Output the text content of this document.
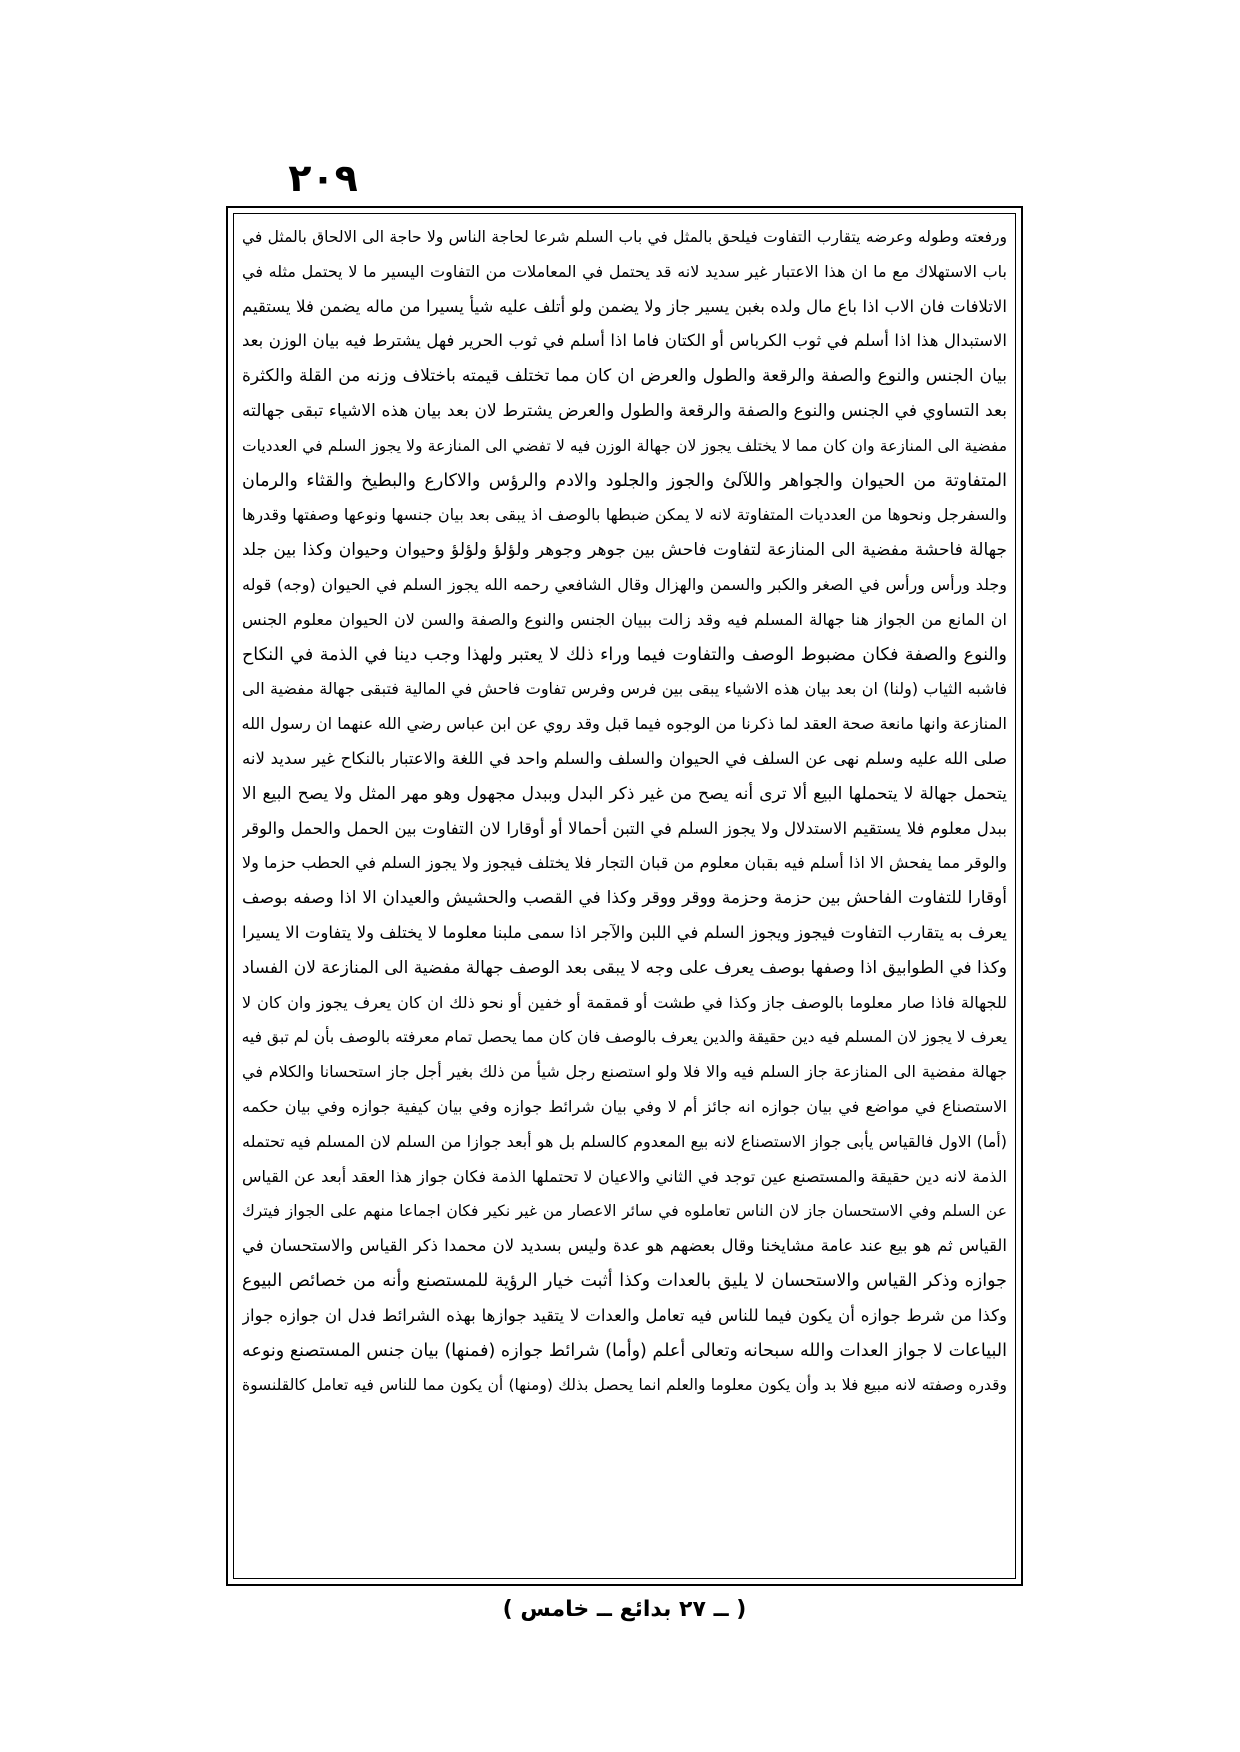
٢٠٩
ورفعته وطوله وعرضه يتقارب التفاوت فيلحق بالمثل في باب السلم شرعا لحاجة الناس ولا حاجة الى الالحاق بالمثل في
باب الاستهلاك مع ما ان هذا الاعتبار غير سديد لانه قد يحتمل في المعاملات من التفاوت اليسير ما لا يحتمل مثله في
الاتلافات فان الاب اذا باع مال ولده بغبن يسير جاز ولا يضمن ولو أتلف عليه شيأ يسيرا من ماله يضمن فلا يستقيم
الاستبدال هذا اذا أسلم في ثوب الكرباس أو الكتان فاما اذا أسلم في ثوب الحرير فهل يشترط فيه بيان الوزن بعد
بيان الجنس والنوع والصفة والرقعة والطول والعرض ان كان مما تختلف قيمته باختلاف وزنه من القلة والكثرة
بعد التساوي في الجنس والنوع والصفة والرقعة والطول والعرض يشترط لان بعد بيان هذه الاشياء تبقى جهالته
مفضية الى المنازعة وان كان مما لا يختلف يجوز لان جهالة الوزن فيه لا تفضي الى المنازعة ولا يجوز السلم في العدديات
المتفاوتة من الحيوان والجواهر واللآلئ والجوز والجلود والادم والرؤس والاكارع والبطيخ والقثاء والرمان
والسفرجل ونحوها من العدديات المتفاوتة لانه لا يمكن ضبطها بالوصف اذ يبقى بعد بيان جنسها ونوعها وصفتها وقدرها
جهالة فاحشة مفضية الى المنازعة لتفاوت فاحش بين جوهر وجوهر ولؤلؤ ولؤلؤ وحيوان وحيوان وكذا بين جلد
وجلد ورأس ورأس في الصغر والكبر والسمن والهزال وقال الشافعي رحمه الله يجوز السلم في الحيوان (وجه) قوله
ان المانع من الجواز هنا جهالة المسلم فيه وقد زالت ببيان الجنس والنوع والصفة والسن لان الحيوان معلوم الجنس
والنوع والصفة فكان مضبوط الوصف والتفاوت فيما وراء ذلك لا يعتبر ولهذا وجب دينا في الذمة في النكاح
فاشبه الثياب (ولنا) ان بعد بيان هذه الاشياء يبقى بين فرس وفرس تفاوت فاحش في المالية فتبقى جهالة مفضية الى
المنازعة وانها مانعة صحة العقد لما ذكرنا من الوجوه فيما قبل وقد روي عن ابن عباس رضي الله عنهما ان رسول الله
صلى الله عليه وسلم نهى عن السلف في الحيوان والسلف والسلم واحد في اللغة والاعتبار بالنكاح غير سديد لانه
يتحمل جهالة لا يتحملها البيع ألا ترى أنه يصح من غير ذكر البدل وببدل مجهول وهو مهر المثل ولا يصح البيع الا
ببدل معلوم فلا يستقيم الاستدلال ولا يجوز السلم في التبن أحمالا أو أوقارا لان التفاوت بين الحمل والحمل والوقر
والوقر مما يفحش الا اذا أسلم فيه بقبان معلوم من قبان التجار فلا يختلف فيجوز ولا يجوز السلم في الحطب حزما ولا
أوقارا للتفاوت الفاحش بين حزمة وحزمة ووقر ووقر وكذا في القصب والحشيش والعيدان الا اذا وصفه بوصف
يعرف به يتقارب التفاوت فيجوز ويجوز السلم في اللبن والآجر اذا سمى ملبنا معلوما لا يختلف ولا يتفاوت الا يسيرا
وكذا في الطوابيق اذا وصفها بوصف يعرف على وجه لا يبقى بعد الوصف جهالة مفضية الى المنازعة لان الفساد
للجهالة فاذا صار معلوما بالوصف جاز وكذا في طشت أو قمقمة أو خفين أو نحو ذلك ان كان يعرف يجوز وان كان لا
يعرف لا يجوز لان المسلم فيه دين حقيقة والدين يعرف بالوصف فان كان مما يحصل تمام معرفته بالوصف بأن لم تبق فيه
جهالة مفضية الى المنازعة جاز السلم فيه والا فلا ولو استصنع رجل شيأ من ذلك بغير أجل جاز استحسانا والكلام في
الاستصناع في مواضع في بيان جوازه انه جائز أم لا وفي بيان شرائط جوازه وفي بيان كيفية جوازه وفي بيان حكمه
(أما) الاول فالقياس يأبى جواز الاستصناع لانه بيع المعدوم كالسلم بل هو أبعد جوازا من السلم لان المسلم فيه تحتمله
الذمة لانه دين حقيقة والمستصنع عين توجد في الثاني والاعيان لا تحتملها الذمة فكان جواز هذا العقد أبعد عن القياس
عن السلم وفي الاستحسان جاز لان الناس تعاملوه في سائر الاعصار من غير نكير فكان اجماعا منهم على الجواز فيترك
القياس ثم هو بيع عند عامة مشايخنا وقال بعضهم هو عدة وليس بسديد لان محمدا ذكر القياس والاستحسان في
جوازه وذكر القياس والاستحسان لا يليق بالعدات وكذا أثبت خيار الرؤية للمستصنع وأنه من خصائص البيوع
وكذا من شرط جوازه أن يكون فيما للناس فيه تعامل والعدات لا يتقيد جوازها بهذه الشرائط فدل ان جوازه جواز
البياعات لا جواز العدات والله سبحانه وتعالى أعلم (وأما) شرائط جوازه (فمنها) بيان جنس المستصنع ونوعه
وقدره وصفته لانه مبيع فلا بد وأن يكون معلوما والعلم انما يحصل بذلك (ومنها) أن يكون مما للناس فيه تعامل كالقلنسوة
( ــ ٢٧ بدائع ــ خامس )
